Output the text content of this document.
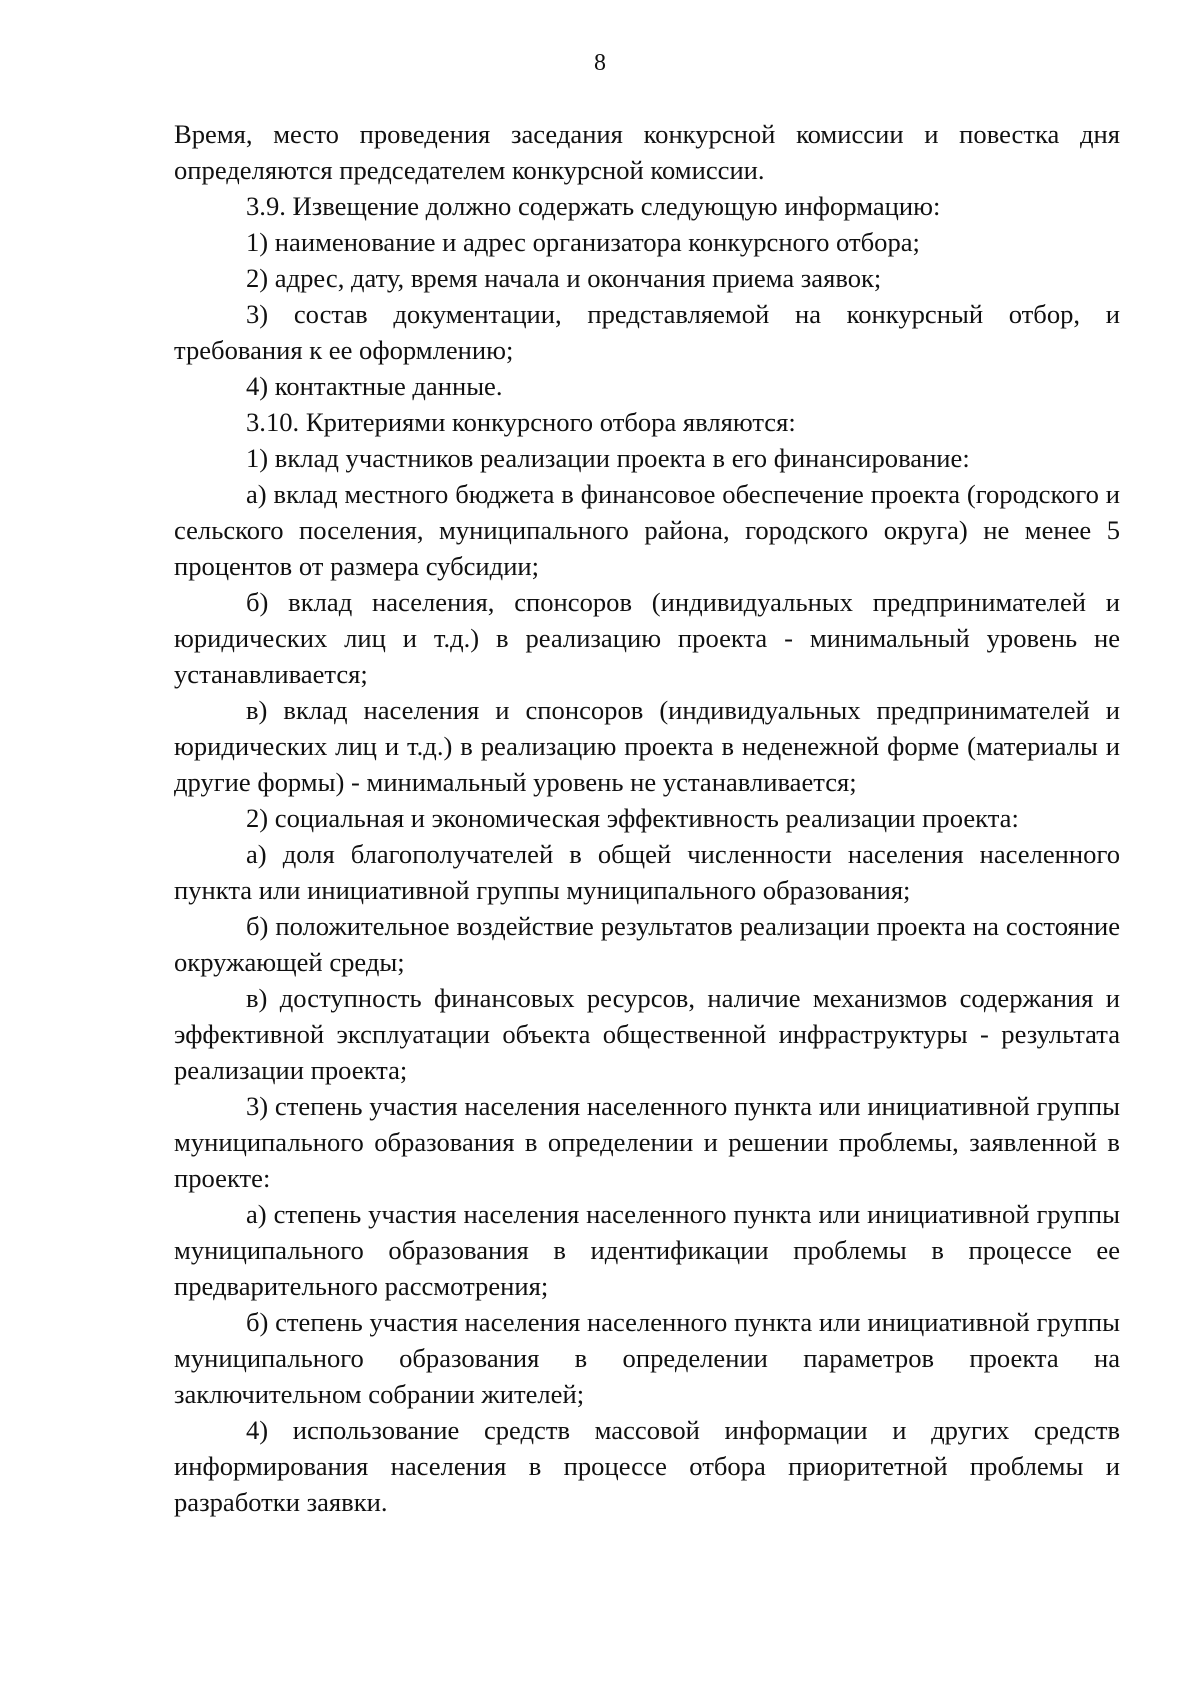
8

Время, место проведения заседания конкурсной комиссии и повестка дня определяются председателем конкурсной комиссии.

3.9. Извещение должно содержать следующую информацию:

1) наименование и адрес организатора конкурсного отбора;

2) адрес, дату, время начала и окончания приема заявок;

3) состав документации, представляемой на конкурсный отбор, и требования к ее оформлению;

4) контактные данные.

3.10. Критериями конкурсного отбора являются:

1) вклад участников реализации проекта в его финансирование:

а) вклад местного бюджета в финансовое обеспечение проекта (городского и сельского поселения, муниципального района, городского округа) не менее 5 процентов от размера субсидии;

б) вклад населения, спонсоров (индивидуальных предпринимателей и юридических лиц и т.д.) в реализацию проекта - минимальный уровень не устанавливается;

в) вклад населения и спонсоров (индивидуальных предпринимателей и юридических лиц и т.д.) в реализацию проекта в неденежной форме (материалы и другие формы) - минимальный уровень не устанавливается;

2) социальная и экономическая эффективность реализации проекта:

а) доля благополучателей в общей численности населения населенного пункта или инициативной группы муниципального образования;

б) положительное воздействие результатов реализации проекта на состояние окружающей среды;

в) доступность финансовых ресурсов, наличие механизмов содержания и эффективной эксплуатации объекта общественной инфраструктуры - результата реализации проекта;

3) степень участия населения населенного пункта или инициативной группы муниципального образования в определении и решении проблемы, заявленной в проекте:

а) степень участия населения населенного пункта или инициативной группы муниципального образования в идентификации проблемы в процессе ее предварительного рассмотрения;

б) степень участия населения населенного пункта или инициативной группы муниципального образования в определении параметров проекта на заключительном собрании жителей;

4) использование средств массовой информации и других средств информирования населения в процессе отбора приоритетной проблемы и разработки заявки.
